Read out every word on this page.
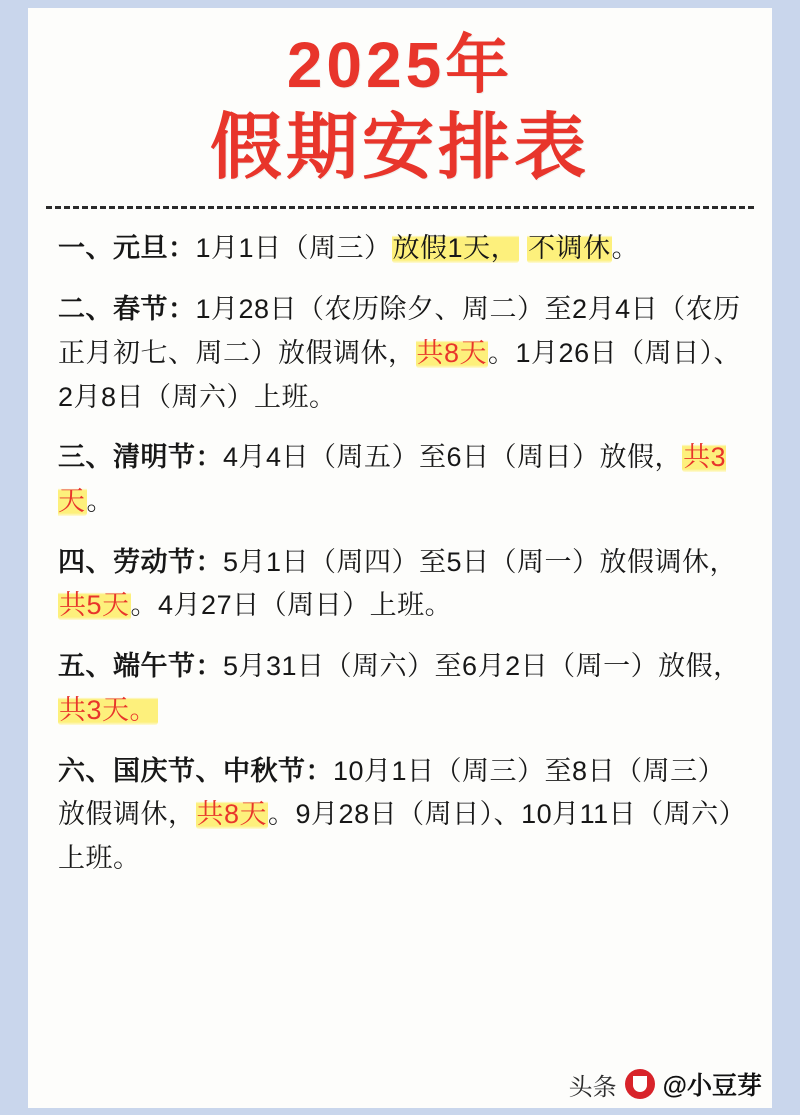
2025年
假期安排表
一、元旦：1月1日（周三）放假1天， 不调休。
二、春节：1月28日（农历除夕、周二）至2月4日（农历正月初七、周二）放假调休，共8天。1月26日（周日）、2月8日（周六）上班。
三、清明节：4月4日（周五）至6日（周日）放假，共3天。
四、劳动节：5月1日（周四）至5日（周一）放假调休，共5天。4月27日（周日）上班。
五、端午节：5月31日（周六）至6月2日（周一）放假，共3天。
六、国庆节、中秋节：10月1日（周三）至8日（周三）放假调休，共8天。9月28日（周日）、10月11日（周六）上班。
头条 @小豆芽
